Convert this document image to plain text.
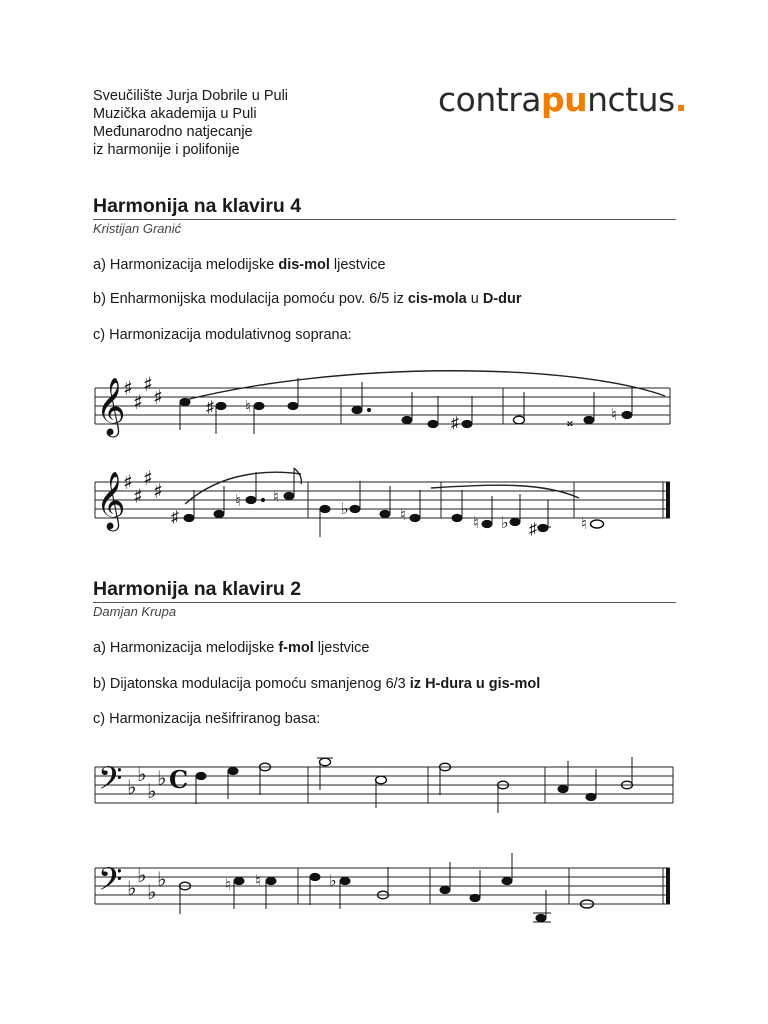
Sveučilište Jurja Dobrile u Puli
Muzička akademija u Puli
Međunarodno natjecanje
iz harmonije i polifonije
contrapunctus.
Harmonija na klaviru 4
Kristijan Granić
a) Harmonizacija melodijske dis-mol ljestvice
b) Enharmonijska modulacija pomoću pov. 6/5 iz cis-mola u D-dur
c) Harmonizacija modulativnog soprana:
𝄞
♯
♯
♯
♯	♯ ♮
♯	𝄪 ♮
𝄞
♯
♯
♯
♯
♯
♮ ♮
♭	♮	♮ ♭ ♯	♮
Harmonija na klaviru 2
Damjan Krupa
a) Harmonizacija melodijske f-mol ljestvice
b) Dijatonska modulacija pomoću smanjenog 6/3 iz H-dura u gis-mol
c) Harmonizacija nešifriranog basa:
𝄢 ♭
♭
♭
♭ C
𝄢 ♭
♭
♭
♭	♮ ♮	♭
